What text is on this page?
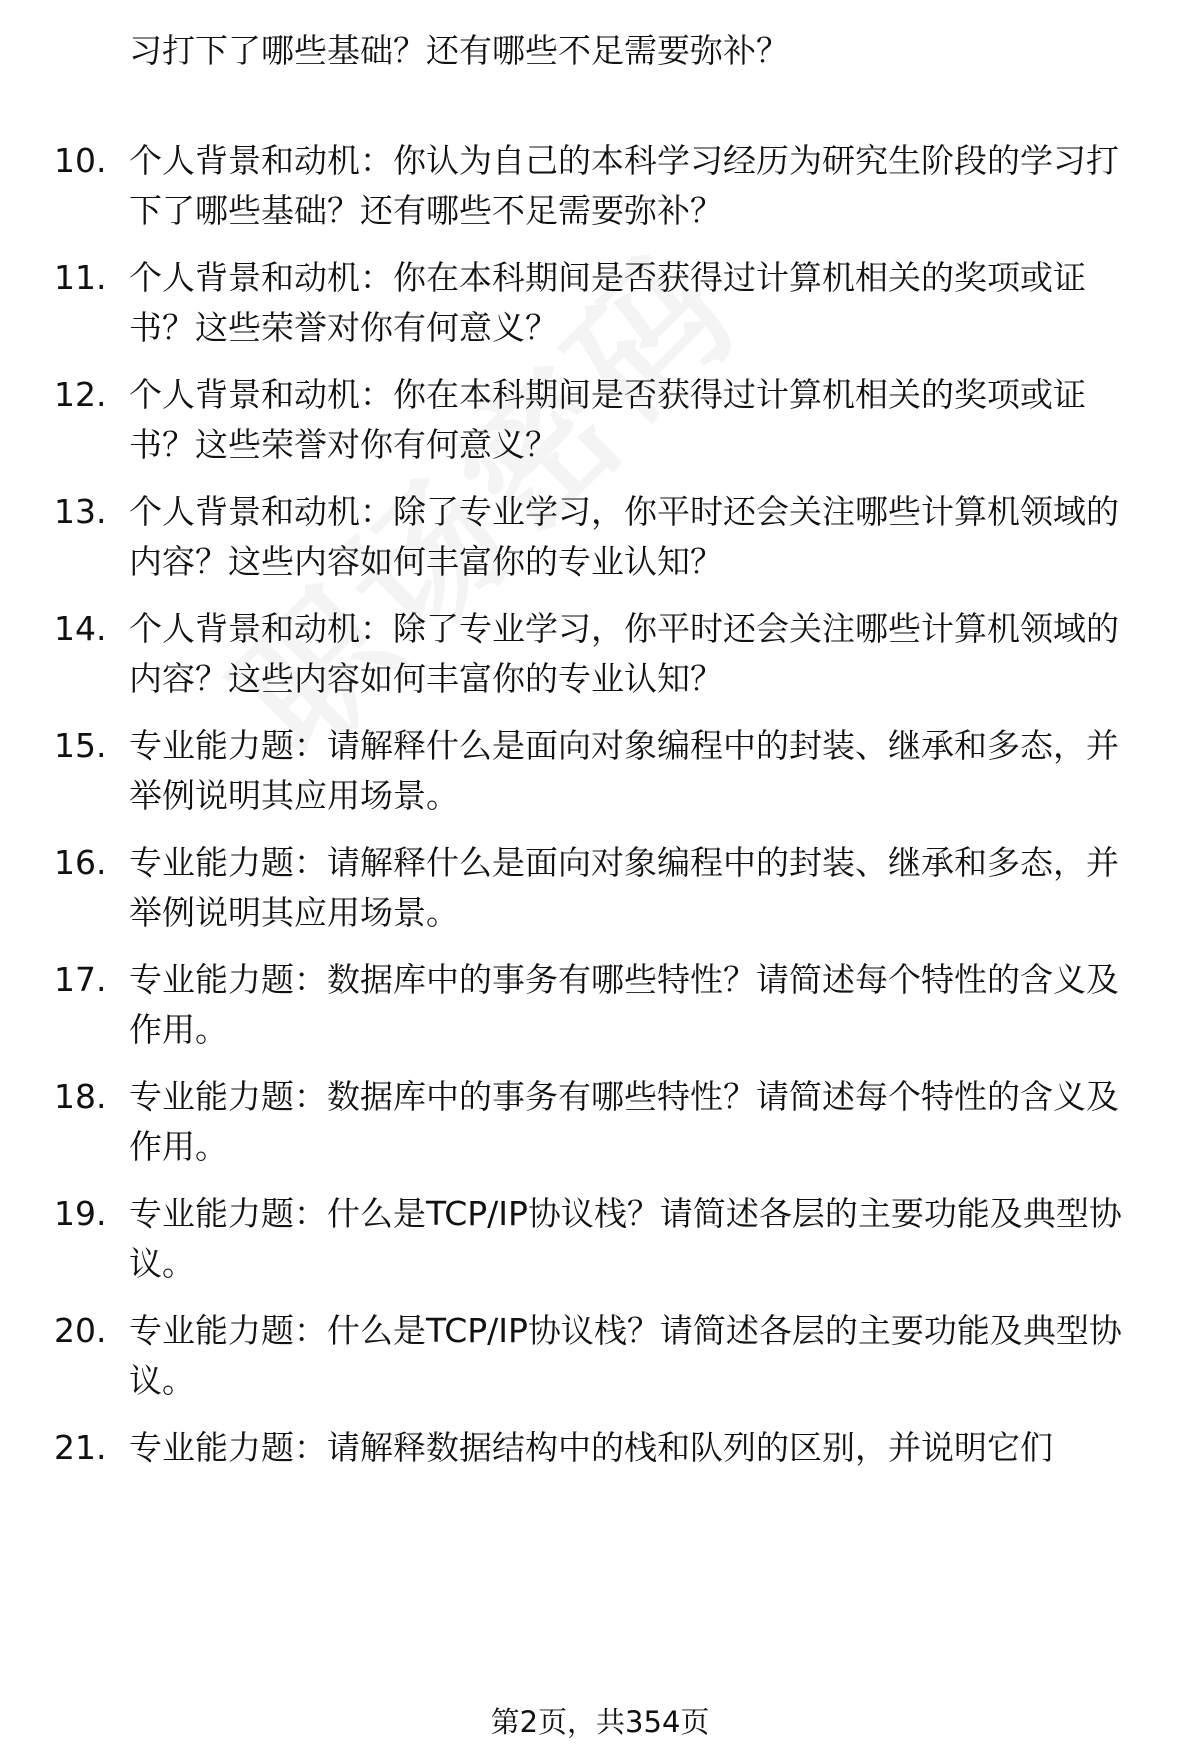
习打下了哪些基础？还有哪些不足需要弥补？
10. 个人背景和动机：你认为自己的本科学习经历为研究生阶段的学习打下了哪些基础？还有哪些不足需要弥补？
11. 个人背景和动机：你在本科期间是否获得过计算机相关的奖项或证书？这些荣誉对你有何意义？
12. 个人背景和动机：你在本科期间是否获得过计算机相关的奖项或证书？这些荣誉对你有何意义？
13. 个人背景和动机：除了专业学习，你平时还会关注哪些计算机领域的内容？这些内容如何丰富你的专业认知？
14. 个人背景和动机：除了专业学习，你平时还会关注哪些计算机领域的内容？这些内容如何丰富你的专业认知？
15. 专业能力题：请解释什么是面向对象编程中的封装、继承和多态，并举例说明其应用场景。
16. 专业能力题：请解释什么是面向对象编程中的封装、继承和多态，并举例说明其应用场景。
17. 专业能力题：数据库中的事务有哪些特性？请简述每个特性的含义及作用。
18. 专业能力题：数据库中的事务有哪些特性？请简述每个特性的含义及作用。
19. 专业能力题：什么是TCP/IP协议栈？请简述各层的主要功能及典型协议。
20. 专业能力题：什么是TCP/IP协议栈？请简述各层的主要功能及典型协议。
21. 专业能力题：请解释数据结构中的栈和队列的区别，并说明它们
第2页，共354页
